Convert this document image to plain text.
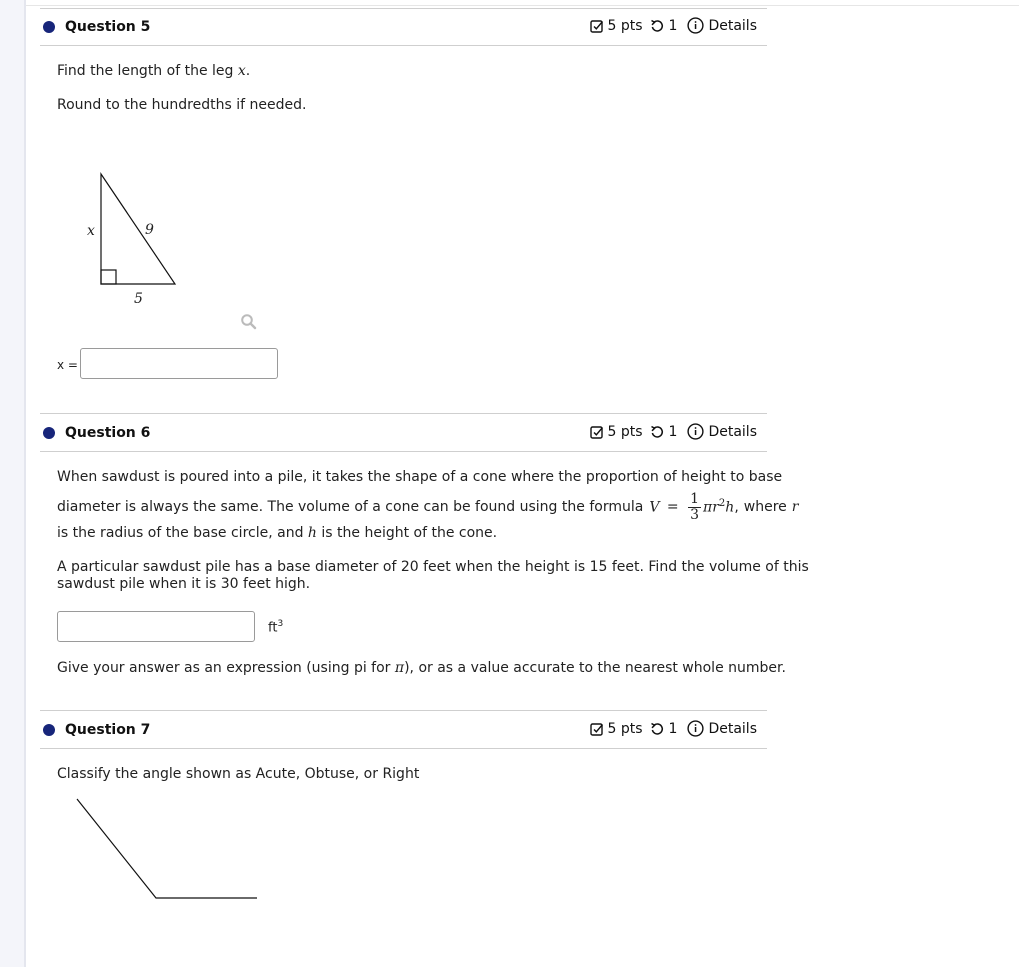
Question 5	5 pts 1 Details
Find the length of the leg x.
Round to the hundredths if needed.
x	9
5
x =
Question 6	5 pts 1 Details
When sawdust is poured into a pile, it takes the shape of a cone where the proportion of height to base
diameter is always the same. The volume of a cone can be found using the formula $V = \frac{1}{3} \pi r^2h$, where r
is the radius of the base circle, and h is the height of the cone.
A particular sawdust pile has a base diameter of 20 feet when the height is 15 feet. Find the volume of this
sawdust pile when it is 30 feet high.
$ft^3$
Give your answer as an expression (using pi for π), or as a value accurate to the nearest whole number.
Question 7	5 pts 1 Details
Classify the angle shown as Acute, Obtuse, or Right
